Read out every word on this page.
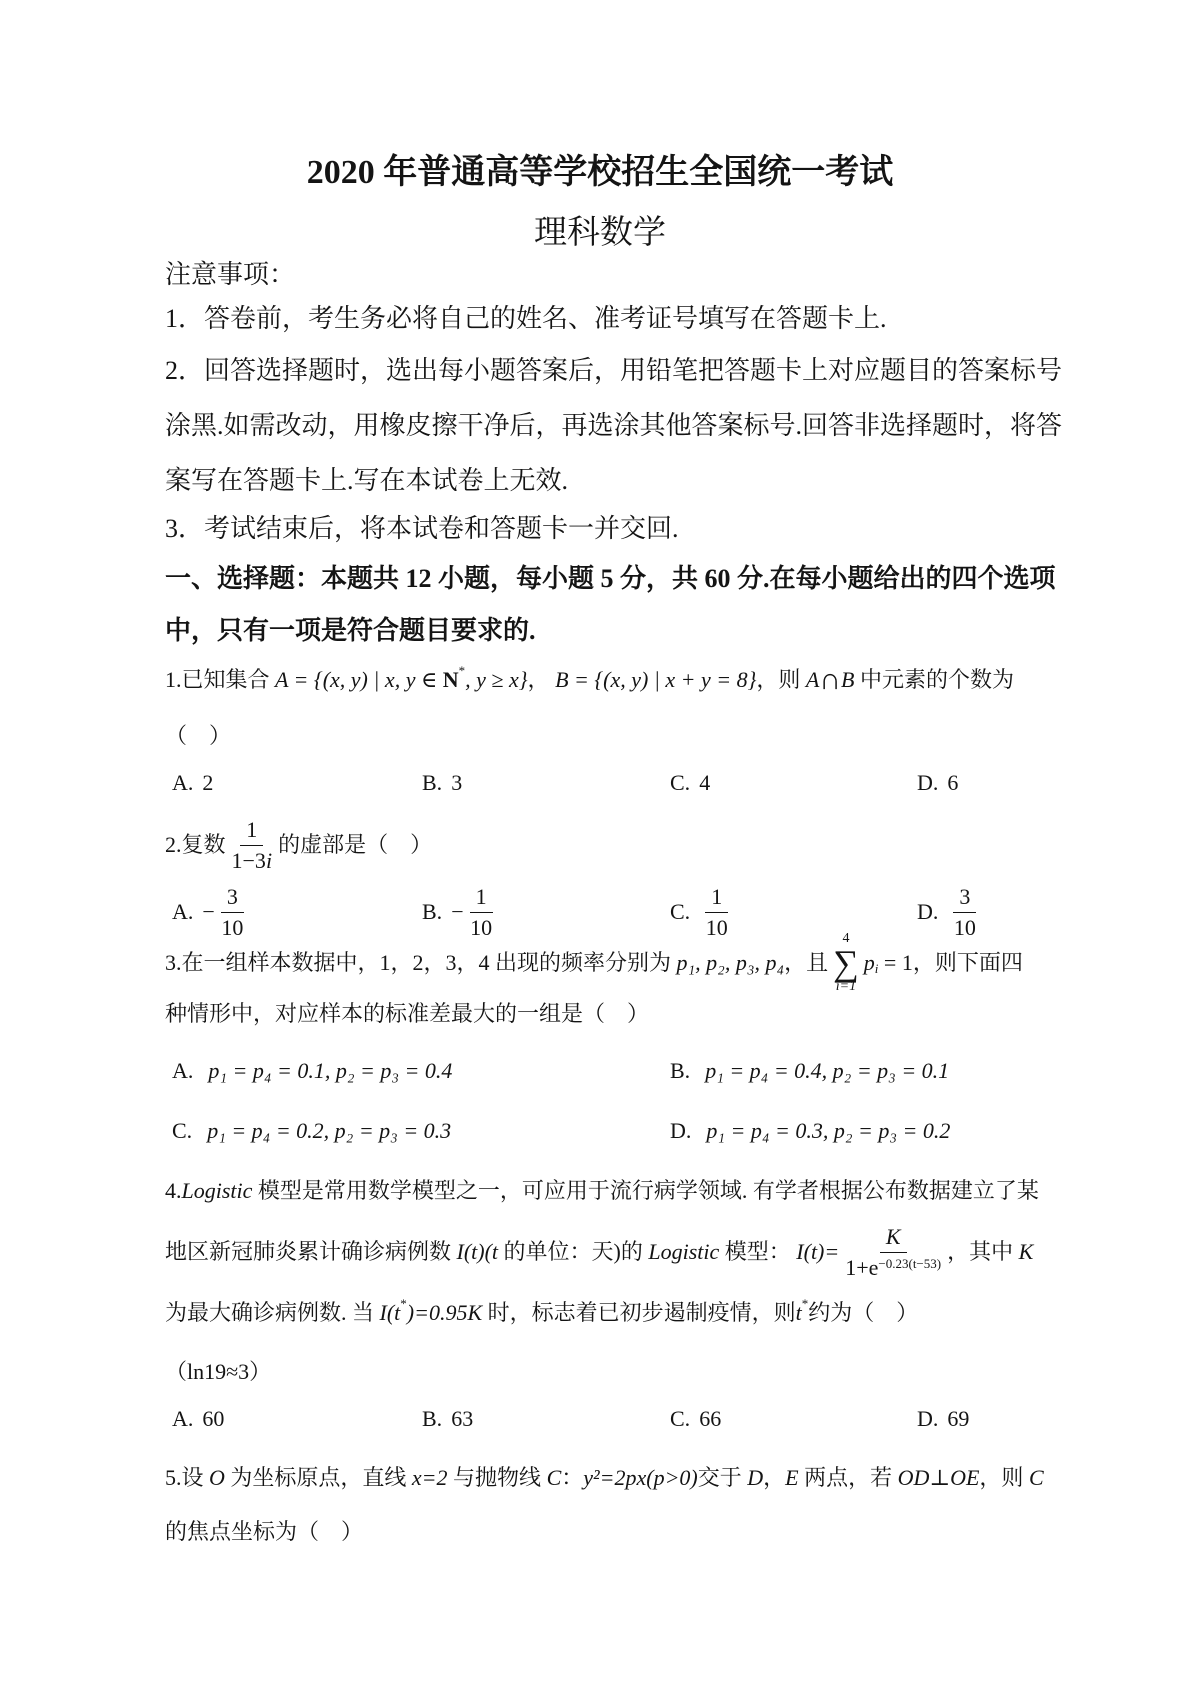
2020 年普通高等学校招生全国统一考试
理科数学
注意事项：
1．答卷前，考生务必将自己的姓名、准考证号填写在答题卡上.
2．回答选择题时，选出每小题答案后，用铅笔把答题卡上对应题目的答案标号
涂黑.如需改动，用橡皮擦干净后，再选涂其他答案标号.回答非选择题时，将答
案写在答题卡上.写在本试卷上无效.
3．考试结束后，将本试卷和答题卡一并交回.
一、选择题：本题共 12 小题，每小题 5 分，共 60 分.在每小题给出的四个选项
中，只有一项是符合题目要求的.
1. 已知集合 A = {(x, y) | x, y ∈ N * , y ≥ x} ， B = {(x, y) | x + y = 8} ，则 A ∩ B 中元素的个数为
（    ）
A. 2	B. 3	C. 4	D. 6
2. 复数 $\frac{1}{1-3i}$ 的虚部是（    ）
A. − $\frac{3}{10}$	B. − $\frac{1}{10}$	C. $\frac{1}{10}$	D. $\frac{3}{10}$
3. 在一组样本数据中，1，2，3，4 出现的频率分别为 p₁, p₂, p₃, p₄ ，且
4
∑
i=1
p i = 1 ，则下面四
种情形中，对应样本的标准差最大的一组是（    ）
A. p₁ = p₄ = 0.1, p₂ = p₃ = 0.4	B. p₁ = p₄ = 0.4, p₂ = p₃ = 0.1
C. p₁ = p₄ = 0.2, p₂ = p₃ = 0.3	D. p₁ = p₄ = 0.3, p₂ = p₃ = 0.2
4. Logistic 模型是常用数学模型之一，可应用于流行病学领域. 有学者根据公布数据建立了某
地区新冠肺炎累计确诊病例数 I(t)(t 的单位：天)的 Logistic 模型： $I(t)= \frac{K}{1+e^{-0.23(t-53)}}$ ，其中 K
为最大确诊病例数. 当 I(t * )=0.95K 时，标志着已初步遏制疫情，则 t * 约为（    ）
（ln19≈3）
A. 60	B. 63	C. 66	D. 69
5. 设 O 为坐标原点，直线 x=2 与抛物线 C ： y²=2px(p>0) 交于 D ， E 两点，若 OD⊥OE ，则 C
的焦点坐标为（    ）
